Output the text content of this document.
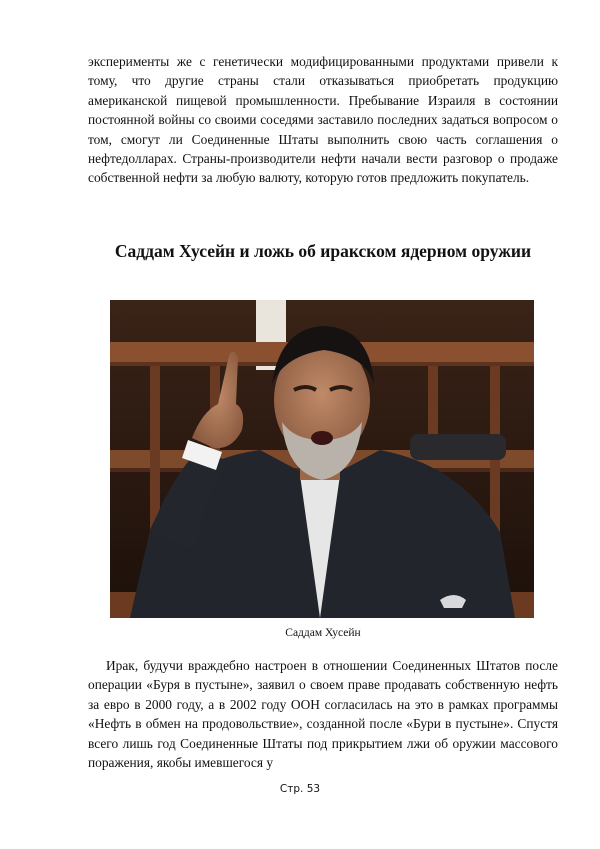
эксперименты же с генетически модифицированными продуктами привели к тому, что другие страны стали отказываться приобретать продукцию американской пищевой промышленности. Пребывание Израиля в состоянии постоянной войны со своими соседями заставило последних задаться вопросом о том, смогут ли Соединенные Штаты выполнить свою часть соглашения о нефтедолларах. Страны-производители нефти начали вести разговор о продаже собственной нефти за любую валюту, которую готов предложить покупатель.

Саддам Хусейн и ложь об иракском ядерном оружии

Саддам Хусейн

Ирак, будучи враждебно настроен в отношении Соединенных Штатов после операции «Буря в пустыне», заявил о своем праве продавать собственную нефть за евро в 2000 году, а в 2002 году ООН согласилась на это в рамках программы «Нефть в обмен на продовольствие», созданной после «Бури в пустыне». Спустя всего лишь год Соединенные Штаты под прикрытием лжи об оружии массового поражения, якобы имевшегося у

Стр. 53
